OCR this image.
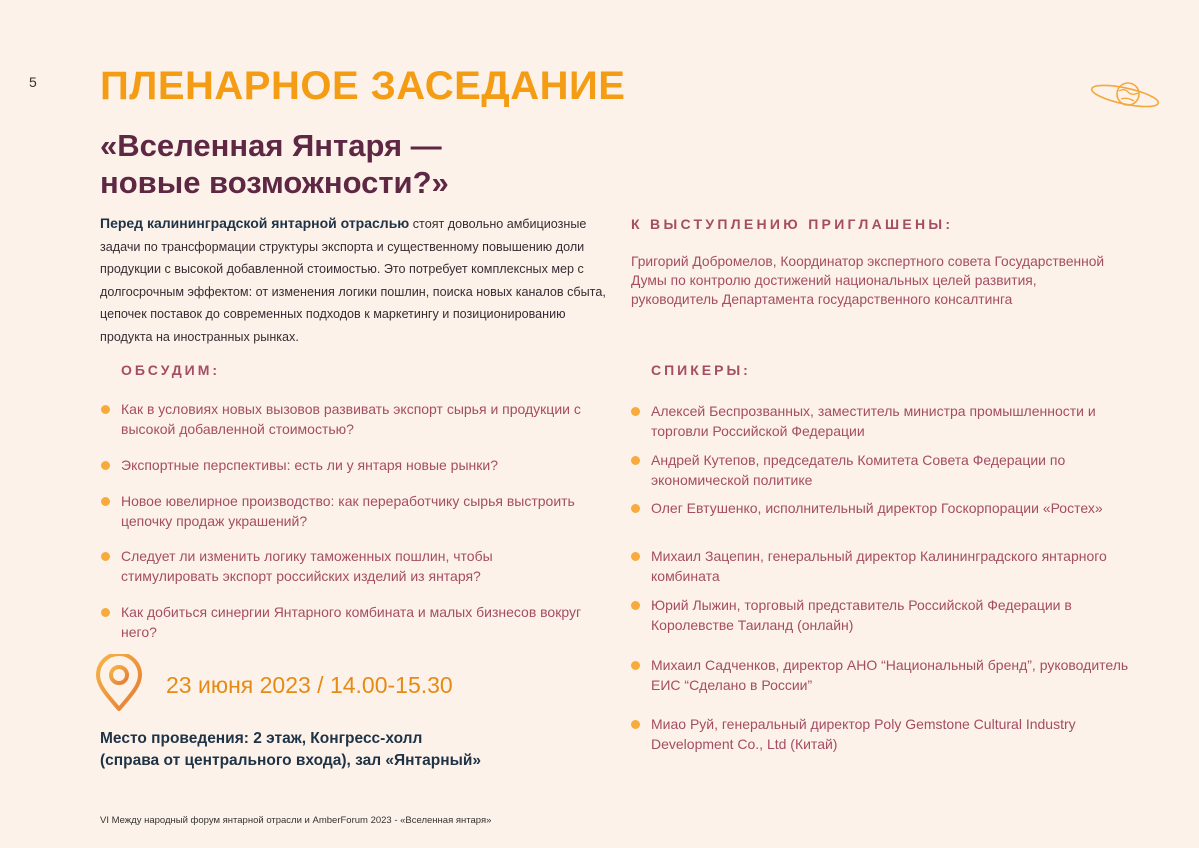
5 ПЛЕНАРНОЕ ЗАСЕДАНИЕ
«Вселенная Янтаря —
новые возможности?»

Перед калининградской янтарной отраслью стоят довольно амбициозные задачи по трансформации структуры экспорта и существенному повышению доли продукции с высокой добавленной стоимостью. Это потребует комплексных мер с долгосрочным эффектом: от изменения логики пошлин, поиска новых каналов сбыта, цепочек поставок до современных подходов к маркетингу и позиционированию продукта на иностранных рынках.

К ВЫСТУПЛЕНИЮ ПРИГЛАШЕНЫ:

Григорий Добромелов, Координатор экспертного совета Государственной Думы по контролю достижений национальных целей развития, руководитель Департамента государственного консалтинга

ОБСУДИМ:
Как в условиях новых вызовов развивать экспорт сырья и продукции с высокой добавленной стоимостью?
Экспортные перспективы: есть ли у янтаря новые рынки?
Новое ювелирное производство: как переработчику сырья выстроить цепочку продаж украшений?
Следует ли изменить логику таможенных пошлин, чтобы стимулировать экспорт российских изделий из янтаря?
Как добиться синергии Янтарного комбината и малых бизнесов вокруг него?
СПИКЕРЫ:
Алексей Беспрозванных, заместитель министра промышленности и торговли Российской Федерации
Андрей Кутепов, председатель Комитета Совета Федерации по экономической политике
Олег Евтушенко, исполнительный директор Госкорпорации «Ростех»
Михаил Зацепин, генеральный директор Калининградского янтарного комбината
Юрий Лыжин, торговый представитель Российской Федерации в Королевстве Таиланд (онлайн)
Михаил Садченков, директор АНО “Национальный бренд”, руководитель ЕИС “Сделано в России”
Миао Руй, генеральный директор Poly Gemstone Cultural Industry Development Co., Ltd (Китай)

23 июня 2023 / 14.00-15.30

Место проведения: 2 этаж, Конгресс-холл
(справа от центрального входа), зал «Янтарный»

VI Между народный форум янтарной отрасли и AmberForum 2023 - «Вселенная янтаря»
